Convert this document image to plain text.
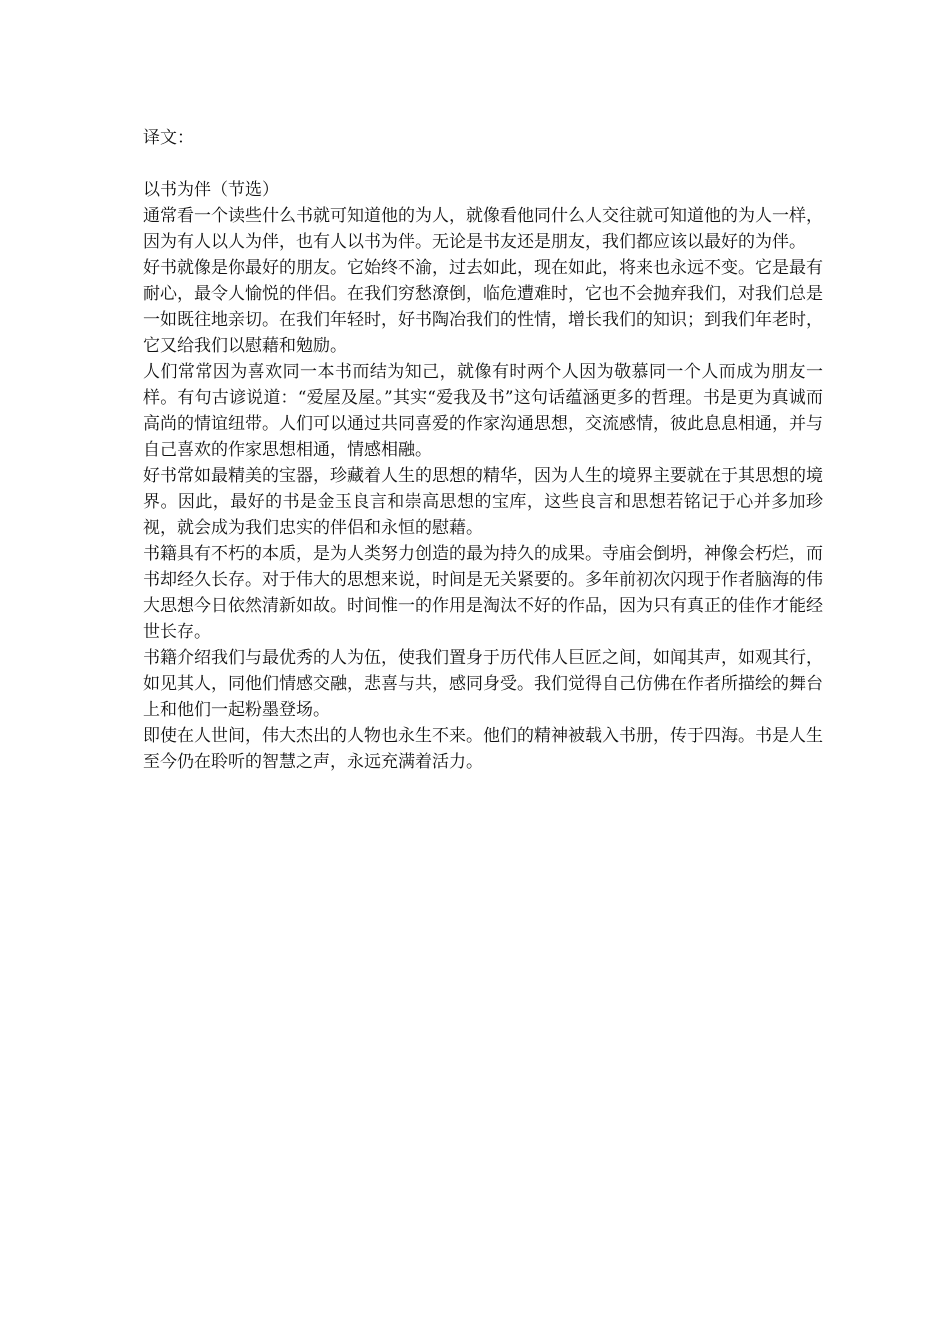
译文：

以书为伴（节选）

通常看一个读些什么书就可知道他的为人，就像看他同什么人交往就可知道他的为人一样，因为有人以人为伴，也有人以书为伴。无论是书友还是朋友，我们都应该以最好的为伴。

好书就像是你最好的朋友。它始终不渝，过去如此，现在如此，将来也永远不变。它是最有耐心，最令人愉悦的伴侣。在我们穷愁潦倒，临危遭难时，它也不会抛弃我们，对我们总是一如既往地亲切。在我们年轻时，好书陶冶我们的性情，增长我们的知识；到我们年老时，它又给我们以慰藉和勉励。

人们常常因为喜欢同一本书而结为知己，就像有时两个人因为敬慕同一个人而成为朋友一样。有句古谚说道：“爱屋及屋。”其实“爱我及书”这句话蕴涵更多的哲理。书是更为真诚而高尚的情谊纽带。人们可以通过共同喜爱的作家沟通思想，交流感情，彼此息息相通，并与自己喜欢的作家思想相通，情感相融。

好书常如最精美的宝器，珍藏着人生的思想的精华，因为人生的境界主要就在于其思想的境界。因此，最好的书是金玉良言和崇高思想的宝库，这些良言和思想若铭记于心并多加珍视，就会成为我们忠实的伴侣和永恒的慰藉。

书籍具有不朽的本质，是为人类努力创造的最为持久的成果。寺庙会倒坍，神像会朽烂，而书却经久长存。对于伟大的思想来说，时间是无关紧要的。多年前初次闪现于作者脑海的伟大思想今日依然清新如故。时间惟一的作用是淘汰不好的作品，因为只有真正的佳作才能经世长存。

书籍介绍我们与最优秀的人为伍，使我们置身于历代伟人巨匠之间，如闻其声，如观其行，如见其人，同他们情感交融，悲喜与共，感同身受。我们觉得自己仿佛在作者所描绘的舞台上和他们一起粉墨登场。

即使在人世间，伟大杰出的人物也永生不来。他们的精神被载入书册，传于四海。书是人生至今仍在聆听的智慧之声，永远充满着活力。
